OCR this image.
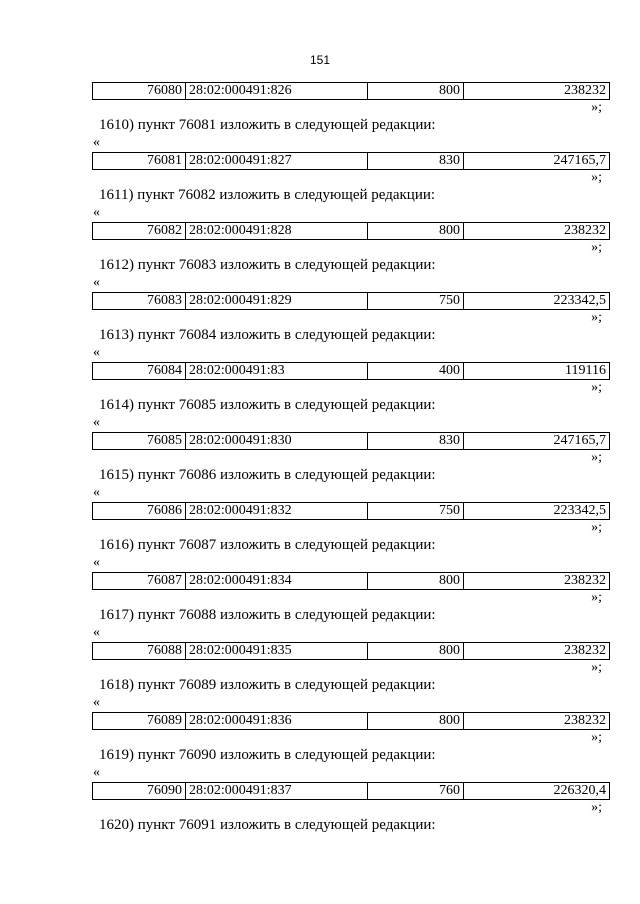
151
76080	28:02:000491:826	800	238232
»;
1610) пункт 76081 изложить в следующей редакции:
«
76081	28:02:000491:827	830	247165,7
»;
1611) пункт 76082 изложить в следующей редакции:
«
76082	28:02:000491:828	800	238232
»;
1612) пункт 76083 изложить в следующей редакции:
«
76083	28:02:000491:829	750	223342,5
»;
1613) пункт 76084 изложить в следующей редакции:
«
76084	28:02:000491:83	400	119116
»;
1614) пункт 76085 изложить в следующей редакции:
«
76085	28:02:000491:830	830	247165,7
»;
1615) пункт 76086 изложить в следующей редакции:
«
76086	28:02:000491:832	750	223342,5
»;
1616) пункт 76087 изложить в следующей редакции:
«
76087	28:02:000491:834	800	238232
»;
1617) пункт 76088 изложить в следующей редакции:
«
76088	28:02:000491:835	800	238232
»;
1618) пункт 76089 изложить в следующей редакции:
«
76089	28:02:000491:836	800	238232
»;
1619) пункт 76090 изложить в следующей редакции:
«
76090	28:02:000491:837	760	226320,4
»;
1620) пункт 76091 изложить в следующей редакции:
